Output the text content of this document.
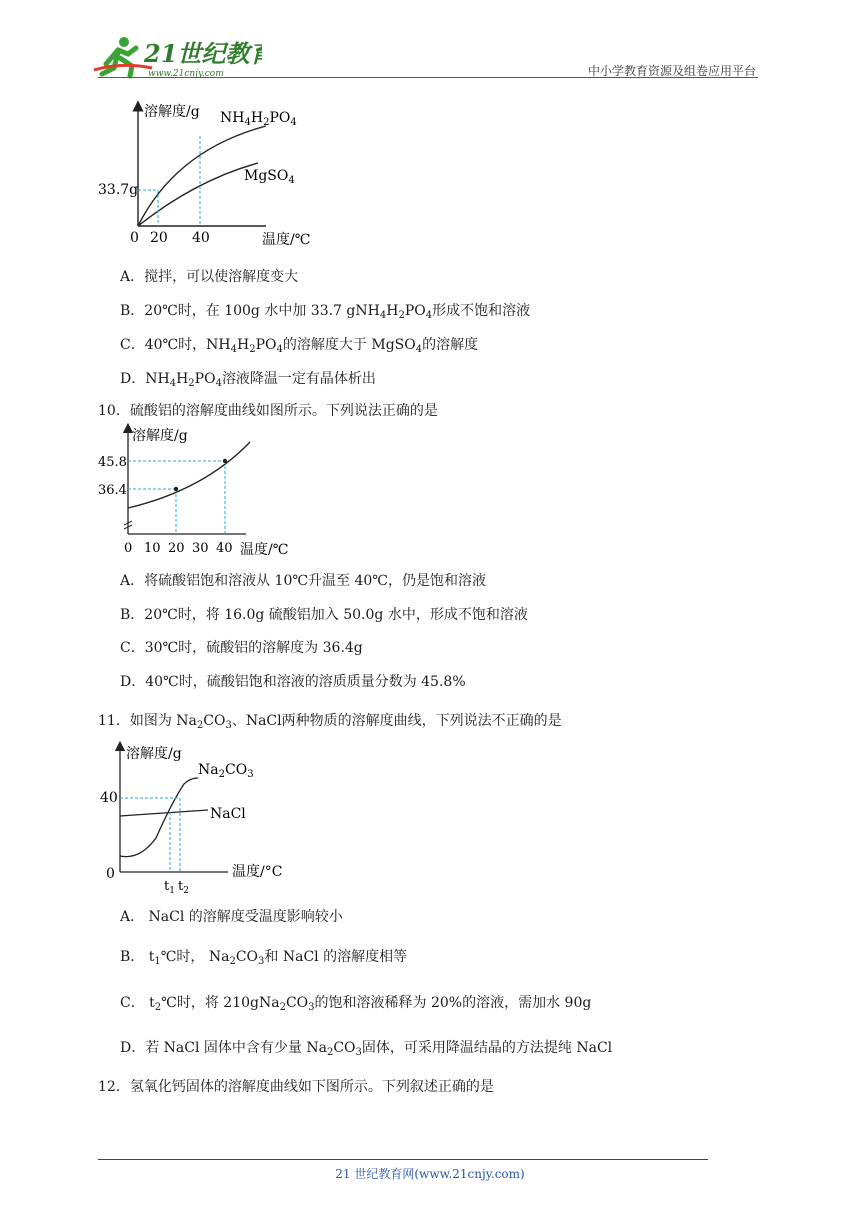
21世纪教育
www.21cnjy.com	中小学教育资源及组卷应用平台
溶解度/g
33.7g
0 20 40	温度/℃
$NH_4H_2PO_4$
MgSO$_4$
A．搅拌，可以使溶解度变大
B．20℃时，在 100g 水中加 33.7 $gNH_4H_2PO_4$形成不饱和溶液
C．40℃时，$NH_4H_2PO_4$的溶解度大于 MgSO$_4$的溶解度
D．$NH_4H_2PO_4$溶液降温一定有晶体析出
10．硫酸铝的溶解度曲线如图所示。下列说法正确的是
溶解度/g
45.8
36.4
0 10 20 30 40 温度/℃
A．将硫酸铝饱和溶液从 10℃升温至 40℃，仍是饱和溶液
B．20℃时，将 16.0g 硫酸铝加入 50.0g 水中，形成不饱和溶液
C．30℃时，硫酸铝的溶解度为 36.4g
D．40℃时，硫酸铝饱和溶液的溶质质量分数为 45.8%
11．如图为 $Na_2CO_3$、NaCl两种物质的溶解度曲线，下列说法不正确的是
溶解度/g
40
0
$t_1$ $t_2$
温度/°C
$Na_2CO_3$
NaCl
A． NaCl 的溶解度受温度影响较小
B． $t_1℃$时， $Na_2CO_3$和 NaCl 的溶解度相等
C． $t_2℃$时，将 $210gNa_2CO_3$的饱和溶液稀释为 20%的溶液，需加水 90g
D．若 NaCl 固体中含有少量 $Na_2CO_3$固体，可采用降温结晶的方法提纯 NaCl
12．氢氧化钙固体的溶解度曲线如下图所示。下列叙述正确的是
21 世纪教育网(www.21cnjy.com)
